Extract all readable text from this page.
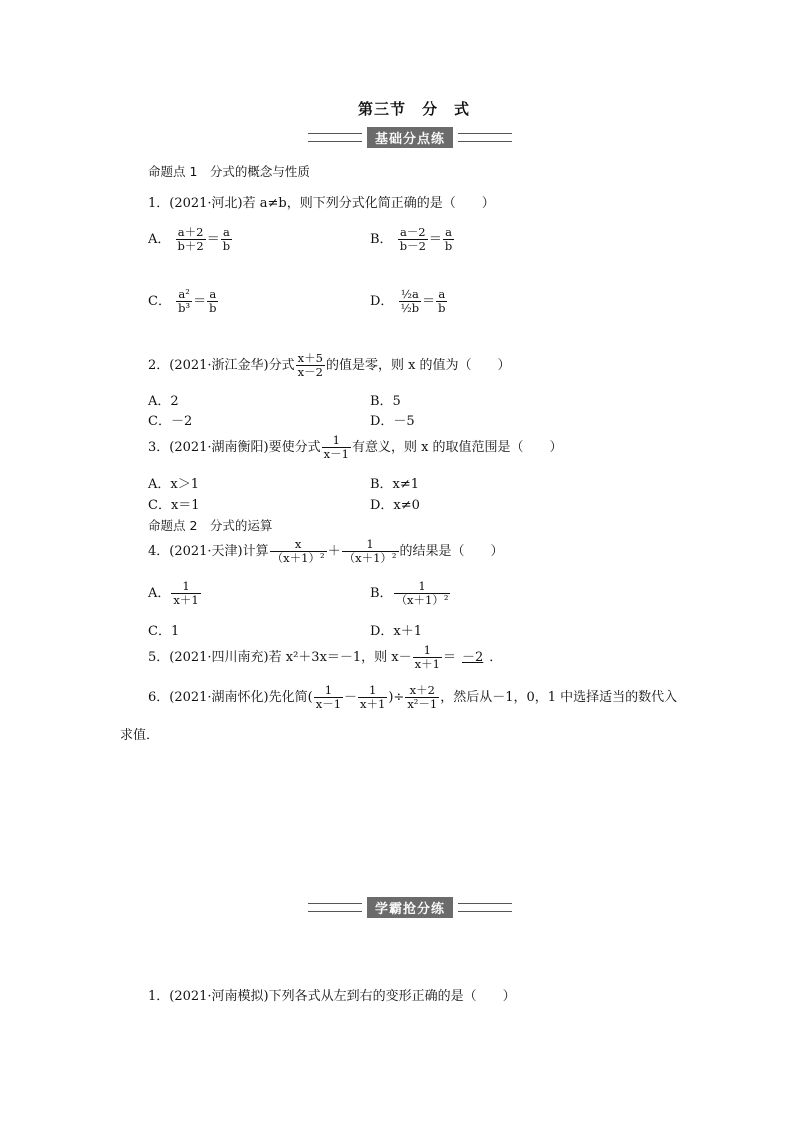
第三节　分　式
基础分点练
命题点 1　分式的概念与性质
1．(2021·河北)若 a≠b，则下列分式化简正确的是（　　）
A． $\frac{a+2}{b+2} = \frac{a}{b}$	B． $\frac{a-2}{b-2} = \frac{a}{b}$
C． $\frac{\text{a²}}{\text{b³}} = \frac{a}{b}$	D． $\frac{\text{½a}}{\text{½b}} = \frac{a}{b}$
2．(2021·浙江金华)分式 $\frac{x+5}{x-2}$ 的值是零，则 x 的值为（　　）
A．2	B．5
C．－2	D．－5
3．(2021·湖南衡阳)要使分式 $\frac{1}{x-1}$ 有意义，则 x 的取值范围是（　　）
A．x＞1	B．x≠1
C．x＝1	D．x≠0
命题点 2　分式的运算
4．(2021·天津)计算 $\frac{x}{\text{（x＋1）²}} + \frac{1}{\text{（x＋1）²}}$ 的结果是（　　）
A． $\frac{1}{x+1}$	B． $\frac{1}{\text{（x＋1）²}}$
C．1	D．x＋1
5．(2021·四川南充)若 x²＋3x＝－1，则 $x- \frac{1}{x+1} = -2$ ．
6．(2021·湖南怀化)先化简( $\frac{1}{x-1} - \frac{1}{x+1}$ )÷ $\frac{x+2}{\text{x²－1}}$ ，然后从－1，0，1 中选择适当的数代入
求值．
学霸抢分练
1．(2021·河南模拟)下列各式从左到右的变形正确的是（　　）
